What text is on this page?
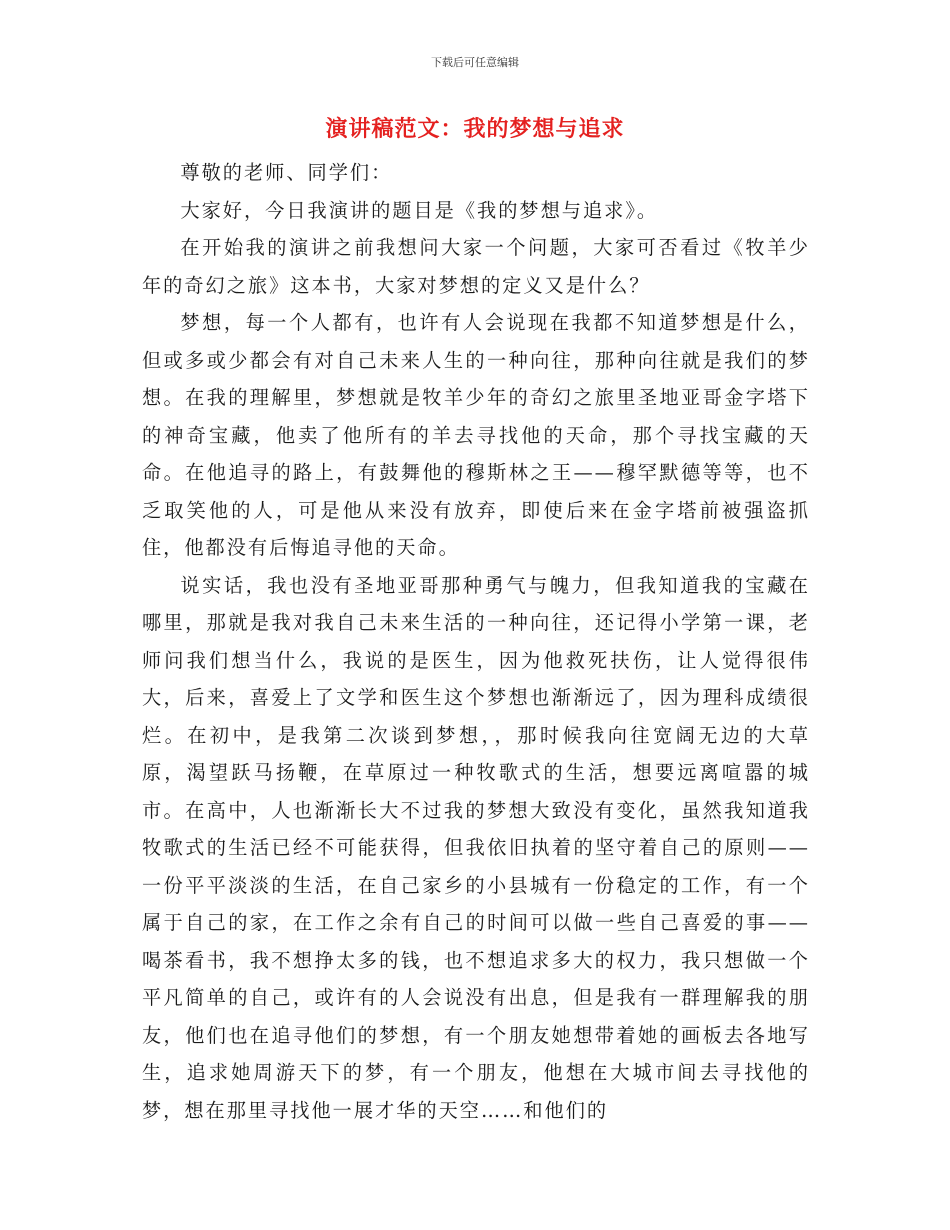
下载后可任意编辑
演讲稿范文：我的梦想与追求

尊敬的老师、同学们：

大家好，今日我演讲的题目是《我的梦想与追求》。

在开始我的演讲之前我想问大家一个问题，大家可否看过《牧羊少年的奇幻之旅》这本书，大家对梦想的定义又是什么？

梦想，每一个人都有，也许有人会说现在我都不知道梦想是什么，但或多或少都会有对自己未来人生的一种向往，那种向往就是我们的梦想。在我的理解里，梦想就是牧羊少年的奇幻之旅里圣地亚哥金字塔下的神奇宝藏，他卖了他所有的羊去寻找他的天命，那个寻找宝藏的天命。在他追寻的路上，有鼓舞他的穆斯林之王——穆罕默德等等，也不乏取笑他的人，可是他从来没有放弃，即使后来在金字塔前被强盗抓住，他都没有后悔追寻他的天命。

说实话，我也没有圣地亚哥那种勇气与魄力，但我知道我的宝藏在哪里，那就是我对我自己未来生活的一种向往，还记得小学第一课，老师问我们想当什么，我说的是医生，因为他救死扶伤，让人觉得很伟大，后来，喜爱上了文学和医生这个梦想也渐渐远了，因为理科成绩很烂。在初中，是我第二次谈到梦想，，那时候我向往宽阔无边的大草原，渴望跃马扬鞭，在草原过一种牧歌式的生活，想要远离喧嚣的城市。在高中，人也渐渐长大不过我的梦想大致没有变化，虽然我知道我牧歌式的生活已经不可能获得，但我依旧执着的坚守着自己的原则——一份平平淡淡的生活，在自己家乡的小县城有一份稳定的工作，有一个属于自己的家，在工作之余有自己的时间可以做一些自己喜爱的事——喝茶看书，我不想挣太多的钱，也不想追求多大的权力，我只想做一个平凡简单的自己，或许有的人会说没有出息，但是我有一群理解我的朋友，他们也在追寻他们的梦想，有一个朋友她想带着她的画板去各地写生，追求她周游天下的梦，有一个朋友，他想在大城市间去寻找他的梦，想在那里寻找他一展才华的天空……和他们的
